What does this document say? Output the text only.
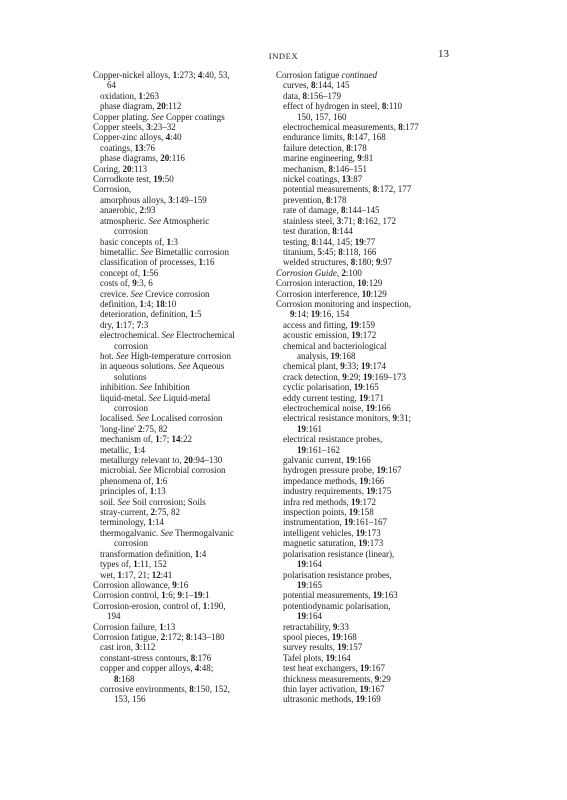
INDEX	13
Copper-nickel alloys, 1:273; 4:40, 53,
64
oxidation, 1:263
phase diagram, 20:112
Copper plating. See Copper coatings
Copper steels, 3:23–32
Copper-zinc alloys, 4:40
coatings, 13:76
phase diagrams, 20:116
Coring, 20:113
Corrodkote test, 19:50
Corrosion,
amorphous alloys, 3:149–159
anaerobic, 2:93
atmospheric. See Atmospheric
corrosion
basic concepts of, 1:3
bimetallic. See Bimetallic corrosion
classification of processes, 1:16
concept of, 1:56
costs of, 9:3, 6
crevice. See Crevice corrosion
definition, 1:4; 18:10
deterioration, definition, 1:5
dry, 1:17; 7:3
electrochemical. See Electrochemical
corrosion
hot. See High-temperature corrosion
in aqueous solutions. See Aqueous
solutions
inhibition. See Inhibition
liquid-metal. See Liquid-metal
corrosion
localised. See Localised corrosion
'long-line' 2:75, 82
mechanism of, 1:7; 14:22
metallic, 1:4
metallurgy relevant to, 20:94–130
microbial. See Microbial corrosion
phenomena of, 1:6
principles of, 1:13
soil. See Soil corrosion; Soils
stray-current, 2:75, 82
terminology, 1:14
thermogalvanic. See Thermogalvanic
corrosion
transformation definition, 1:4
types of, 1:11, 152
wet, 1:17, 21; 12:41
Corrosion allowance, 9:16
Corrosion control, 1:6; 9:1–19:1
Corrosion-erosion, control of, 1:190,
194
Corrosion failure, 1:13
Corrosion fatigue, 2:172; 8:143–180
cast iron, 3:112
constant-stress contours, 8:176
copper and copper alloys, 4:48;
8:168
corrosive environments, 8:150, 152,
153, 156
Corrosion fatigue continued
curves, 8:144, 145
data, 8:156–179
effect of hydrogen in steel, 8:110
150, 157, 160
electrochemical measurements, 8:177
endurance limits, 8:147, 168
failure detection, 8:178
marine engineering, 9:81
mechanism, 8:146–151
nickel coatings, 13:87
potential measurements, 8:172, 177
prevention, 8:178
rate of damage, 8:144–145
stainless steel, 3:71; 8:162, 172
test duration, 8:144
testing, 8:144, 145; 19:77
titanium, 5:45; 8:118, 166
welded structures, 8:180; 9:97
Corrosion Guide, 2:100
Corrosion interaction, 10:129
Corrosion interference, 10:129
Corrosion monitoring and inspection,
9:14; 19:16, 154
access and fitting, 19:159
acoustic emission, 19:172
chemical and bacteriological
analysis, 19:168
chemical plant, 9:33; 19:174
crack detection, 9:29; 19:169–173
cyclic polarisation, 19:165
eddy current testing, 19:171
electrochemical noise, 19:166
electrical resistance monitors, 9:31;
19:161
electrical resistance probes,
19:161–162
galvanic current, 19:166
hydrogen pressure probe, 19:167
impedance methods, 19:166
industry requirements, 19:175
infra red methods, 19:172
inspection points, 19:158
instrumentation, 19:161–167
intelligent vehicles, 19:173
magnetic saturation, 19:173
polarisation resistance (linear),
19:164
polarisation resistance probes,
19:165
potential measurements, 19:163
potentiodynamic polarisation,
19:164
retractability, 9:33
spool pieces, 19:168
survey results, 19:157
Tafel plots, 19:164
test heat exchangers, 19:167
thickness measurements, 9:29
thin layer activation, 19:167
ultrasonic methods, 19:169
